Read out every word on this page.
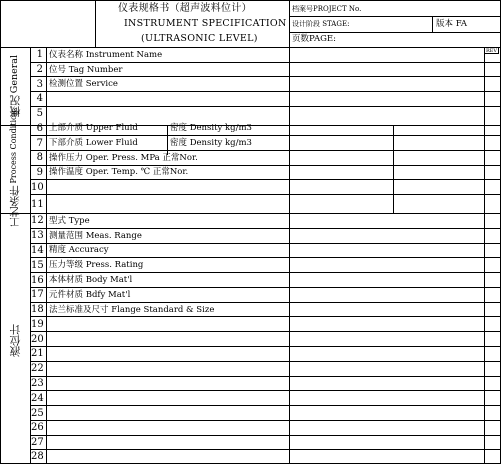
仪表规格书（超声波料位计）
INSTRUMENT SPECIFICATION
(ULTRASONIC LEVEL)
档案号PROJECT No.
设计阶段 STAGE:	版本 FA
页数PAGE:
REV
概况
General
工艺条件
Process Condition
液位计
1 仪表名称 Instrument Name
2 位号 Tag Number
3 检测位置 Service
4
5
6 上部介质 Upper Fluid	密度 Density kg/m3
7 下部介质 Lower Fluid	密度 Density kg/m3
8 操作压力 Oper. Press. MPa 正常Nor.
9 操作温度 Oper. Temp. ℃ 正常Nor.
10
11
12 型式 Type
13 测量范围 Meas. Range
14 精度 Accuracy
15 压力等级 Press. Rating
16 本体材质 Body Mat'l
17 元件材质 Bdfy Mat'l
18 法兰标准及尺寸 Flange Standard & Size
19
20
21
22
23
24
25
26
27
28
